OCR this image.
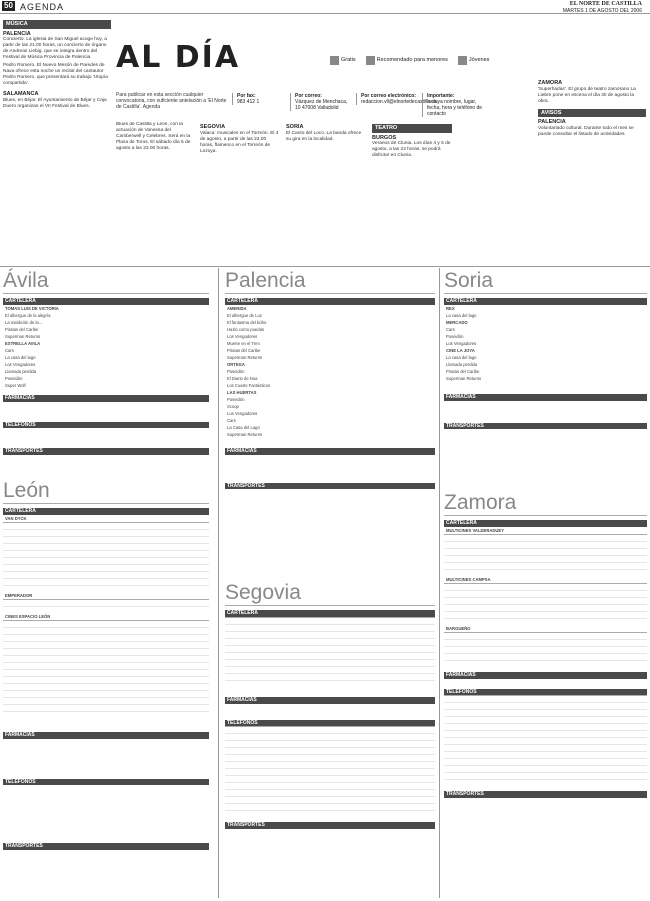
50 AGENDA	EL NORTE DE CASTILLA
MARTES 1 DE AGOSTO DEL 2006
MÚSICA
PALENCIA

Concierto. La iglesia de San Miguel acoge hoy, a partir de las 21.00 horas, un concierto de órgano de Andreas Liebig, que se integra dentro del Festival de Música Provincia de Palencia.

Pedro Romero. El Nuevo Mesón de Paredes de Nava ofrece esta noche un recital del cantautor Pedro Romero, que presentará su trabajo 'Utopía compartida'.

SALAMANCA

Blues, en Béjar. El Ayuntamiento de Béjar y Caja Duero organizan el VII Festival de Blues.

AL DÍA	Gratis	Recomendado para menores	Jóvenes
Para publicar en esta sección cualquier convocatoria, con suficiente antelación a 'El Norte de Castilla'. Agenda
Por fax:
983 412 1
Por correo:
Vázquez de Menchaca, 10 47008 Valladolid
Por correo electrónico:
redaccion.vll@elnortedecastilla.es
Importante:
Incluya nombre, lugar, fecha, hora y teléfono de contacto

Blues de Castilla y León, con la actuación de Vaneesa del Camberwell y Celebres. Será en la Plaza de Toros. El sábado día 5 de agosto a las 23.00 horas.

SEGOVIA

Valaca: musicales en el Torreón. El 4 de agosto, a partir de las 22.00 horas, flamenco en el Torreón de Lozoya.

SORIA

El Canto del Loco. La banda ofrece su gira en la localidad.

TEATRO
BURGOS

Veranos de Clunia. Los días 4 y 5 de agosto, a las 22 horas, se podrá disfrutar en Clunia.

ZAMORA

'Superhadas'. El grupo de teatro zamorano La Liebre pone en escena el día 30 de agosto la obra.

AVISOS
PALENCIA

Voluntariado cultural. Durante todo el mes se puede consultar el listado de actividades.

Ávila	Palencia	Soria
León
Segovia
Zamora
CARTELERA
TOMAS LUIS DE VICTORIA
El albergue de la alegría
La maldición de la...
Piratas del Caribe
Superman Returns
ESTRELLA AVILA
Cars
La casa del lago
Los Vengadores
Llamada perdida
Poseidón
Super Wolf
FARMACIAS
TELÉFONOS
TRANSPORTES
CARTELERA
AMENIDA
El albergue de Luz
El fantasma del búho
Hazlo como puedas
Los Vengadores
Muerte en el Tren
Piratas del Caribe
Superman Returns
ORTEGA
Poseidón
El Diario de Noa
Los Cuatro Fantásticos
LAS HUERTAS
Poseidón
Scoop
Los Vengadores
Cars
La Casa del Lago
Superman Returns
FARMACIAS
TRANSPORTES
CARTELERA
REX
La casa del lago
MERCADO
Cars
Poseidón
Los Vengadores
CINE LA JOYA
La casa del lago
Llamada perdida
Piratas del Caribe
Superman Returns
FARMACIAS
TRANSPORTES
CARTELERA
VAN DYCK
EMPERADOR
CINES ESPACIO LEÓN
FARMACIAS
TELÉFONOS
TRANSPORTES
CARTELERA
FARMACIAS
TELÉFONOS
TRANSPORTES
CARTELERA
MULTICINES VALDERADUEY
MULTICINES CAMPSA
BARGUEÑO
FARMACIAS
TELÉFONOS
TRANSPORTES
